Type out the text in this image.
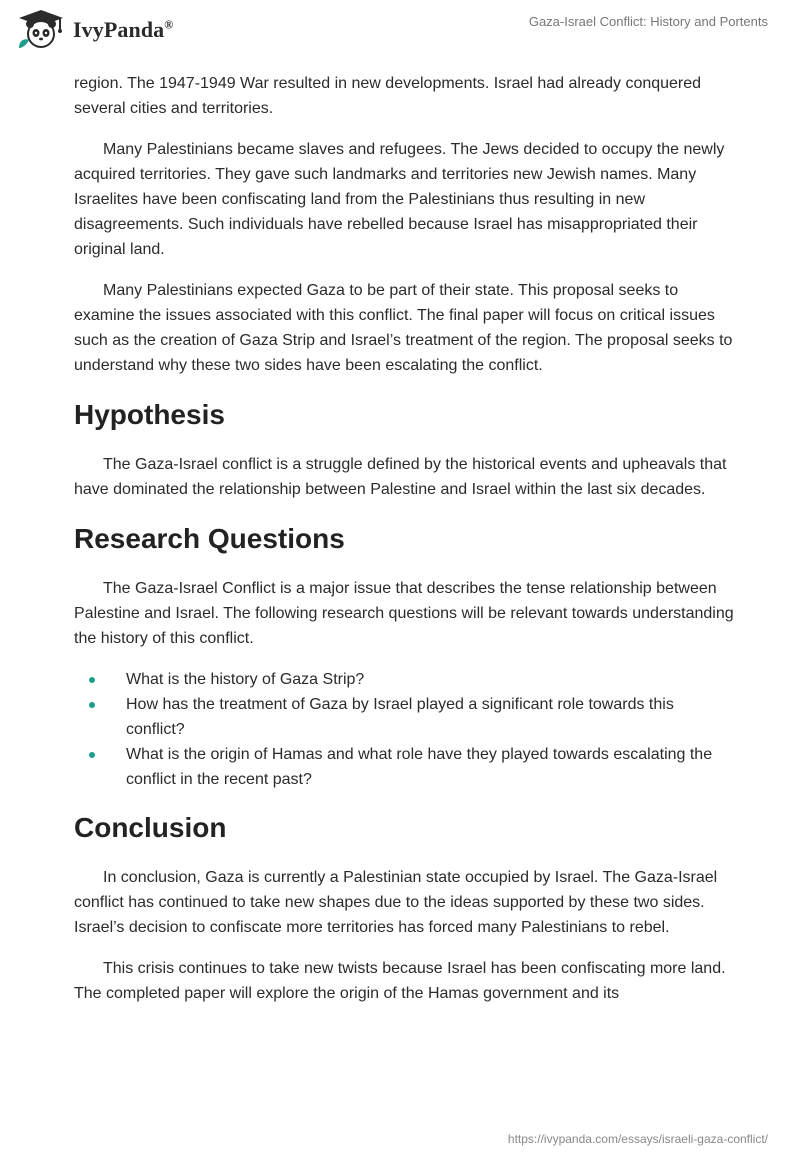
IvyPanda®	Gaza-Israel Conflict: History and Portents

region. The 1947-1949 War resulted in new developments. Israel had already conquered several cities and territories.

Many Palestinians became slaves and refugees. The Jews decided to occupy the newly acquired territories. They gave such landmarks and territories new Jewish names. Many Israelites have been confiscating land from the Palestinians thus resulting in new disagreements. Such individuals have rebelled because Israel has misappropriated their original land.

Many Palestinians expected Gaza to be part of their state. This proposal seeks to examine the issues associated with this conflict. The final paper will focus on critical issues such as the creation of Gaza Strip and Israel’s treatment of the region. The proposal seeks to understand why these two sides have been escalating the conflict.

Hypothesis

The Gaza-Israel conflict is a struggle defined by the historical events and upheavals that have dominated the relationship between Palestine and Israel within the last six decades.

Research Questions

The Gaza-Israel Conflict is a major issue that describes the tense relationship between Palestine and Israel. The following research questions will be relevant towards understanding the history of this conflict.

What is the history of Gaza Strip?
How has the treatment of Gaza by Israel played a significant role towards this conflict?
What is the origin of Hamas and what role have they played towards escalating the conflict in the recent past?
Conclusion

In conclusion, Gaza is currently a Palestinian state occupied by Israel. The Gaza-Israel conflict has continued to take new shapes due to the ideas supported by these two sides. Israel’s decision to confiscate more territories has forced many Palestinians to rebel.

This crisis continues to take new twists because Israel has been confiscating more land. The completed paper will explore the origin of the Hamas government and its

https://ivypanda.com/essays/israeli-gaza-conflict/
